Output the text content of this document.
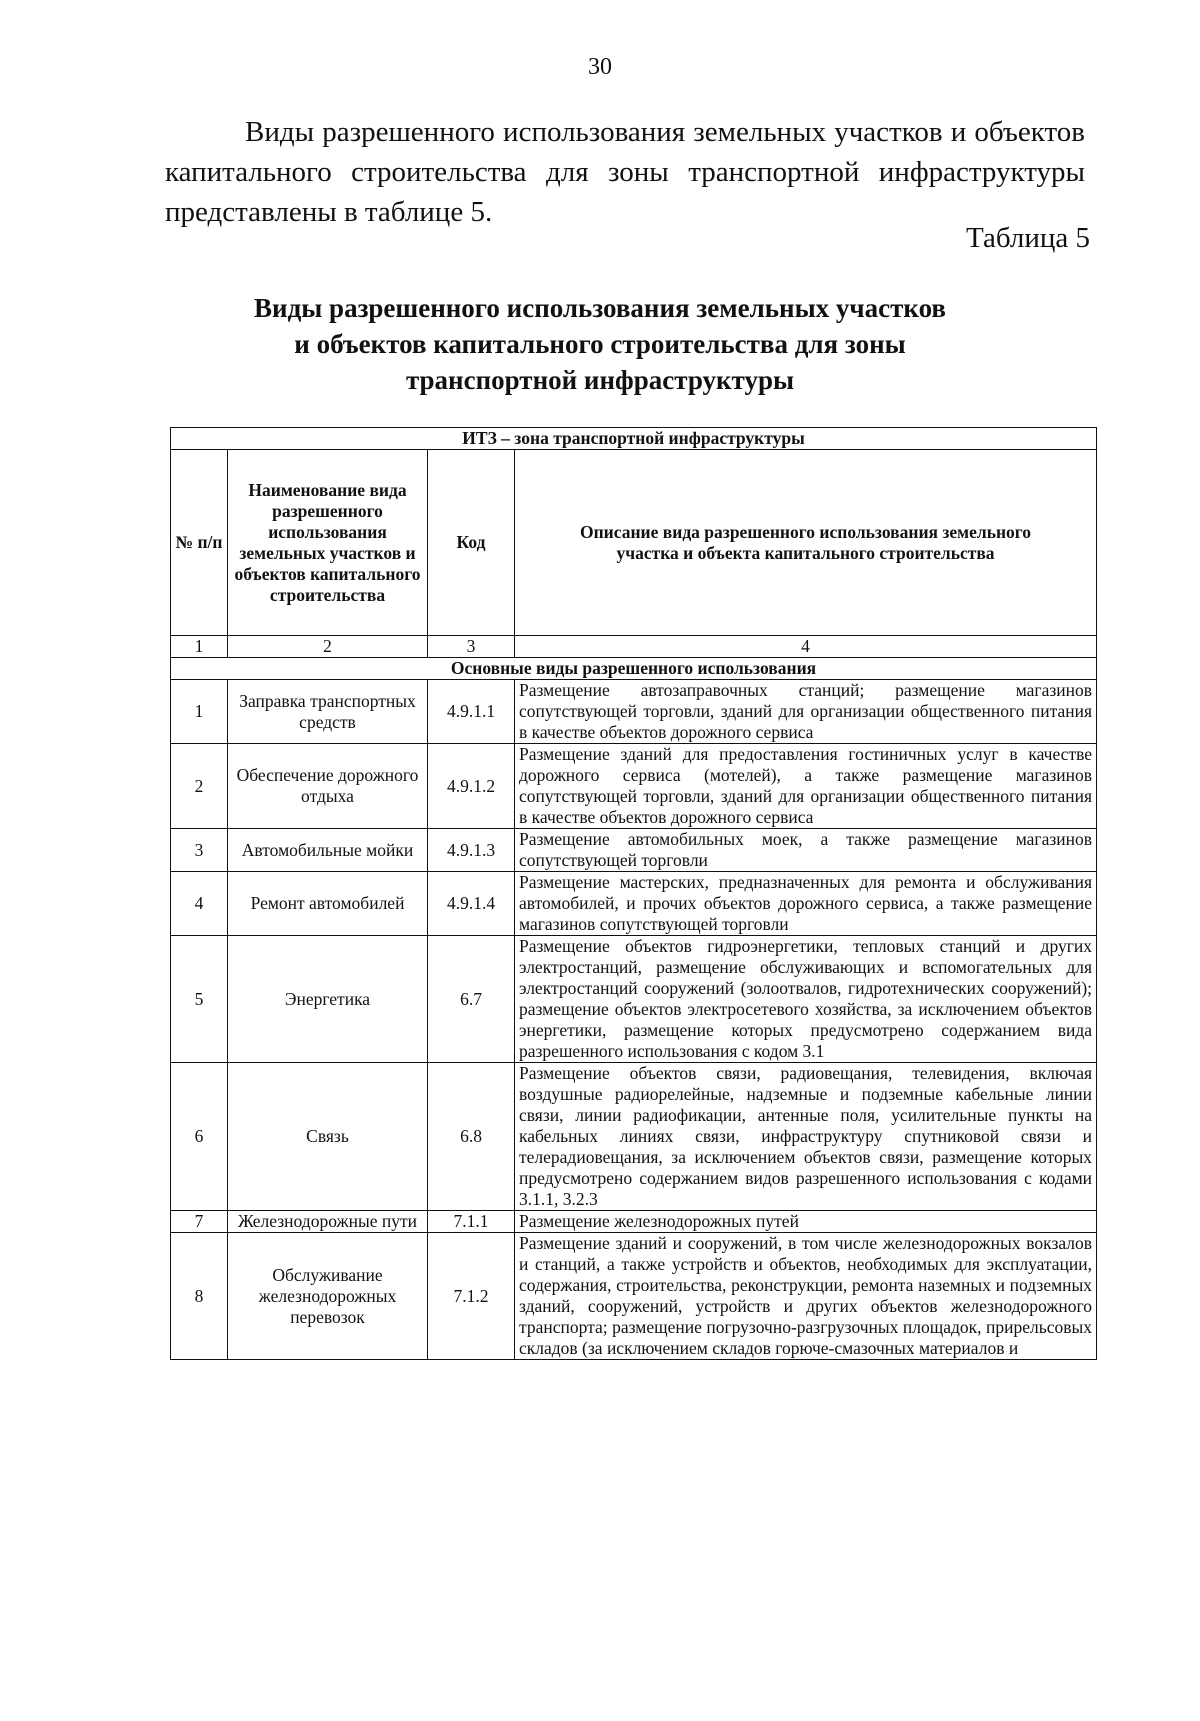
30
Виды разрешенного использования земельных участков и объектов капитального строительства для зоны транспортной инфраструктуры представлены в таблице 5.
Таблица 5
Виды разрешенного использования земельных участков
и объектов капитального строительства для зоны
транспортной инфраструктуры
ИТЗ – зона транспортной инфраструктуры			
№ п/п	Наименование вида разрешенного использования земельных участков и объектов капитального строительства	Код	Описание вида разрешенного использования земельного участка и объекта капитального строительства
1	2	3	4
Основные виды разрешенного использования			
1	Заправка транспортных средств	4.9.1.1	Размещение автозаправочных станций; размещение магазинов сопутствующей торговли, зданий для организации общественного питания в качестве объектов дорожного сервиса
2	Обеспечение дорожного отдыха	4.9.1.2	Размещение зданий для предоставления гостиничных услуг в качестве дорожного сервиса (мотелей), а также размещение магазинов сопутствующей торговли, зданий для организации общественного питания в качестве объектов дорожного сервиса
3	Автомобильные мойки	4.9.1.3	Размещение автомобильных моек, а также размещение магазинов сопутствующей торговли
4	Ремонт автомобилей	4.9.1.4	Размещение мастерских, предназначенных для ремонта и обслуживания автомобилей, и прочих объектов дорожного сервиса, а также размещение магазинов сопутствующей торговли
5	Энергетика	6.7	Размещение объектов гидроэнергетики, тепловых станций и других электростанций, размещение обслуживающих и вспомогательных для электростанций сооружений (золоотвалов, гидротехнических сооружений); размещение объектов электросетевого хозяйства, за исключением объектов энергетики, размещение которых предусмотрено содержанием вида разрешенного использования с кодом 3.1
6	Связь	6.8	Размещение объектов связи, радиовещания, телевидения, включая воздушные радиорелейные, надземные и подземные кабельные линии связи, линии радиофикации, антенные поля, усилительные пункты на кабельных линиях связи, инфраструктуру спутниковой связи и телерадиовещания, за исключением объектов связи, размещение которых предусмотрено содержанием видов разрешенного использования с кодами 3.1.1, 3.2.3
7	Железнодорожные пути	7.1.1	Размещение железнодорожных путей
8	Обслуживание железнодорожных перевозок	7.1.2	Размещение зданий и сооружений, в том числе железнодорожных вокзалов и станций, а также устройств и объектов, необходимых для эксплуатации, содержания, строительства, реконструкции, ремонта наземных и подземных зданий, сооружений, устройств и других объектов железнодорожного транспорта; размещение погрузочно-разгрузочных площадок, прирельсовых складов (за исключением складов горюче-смазочных материалов и
